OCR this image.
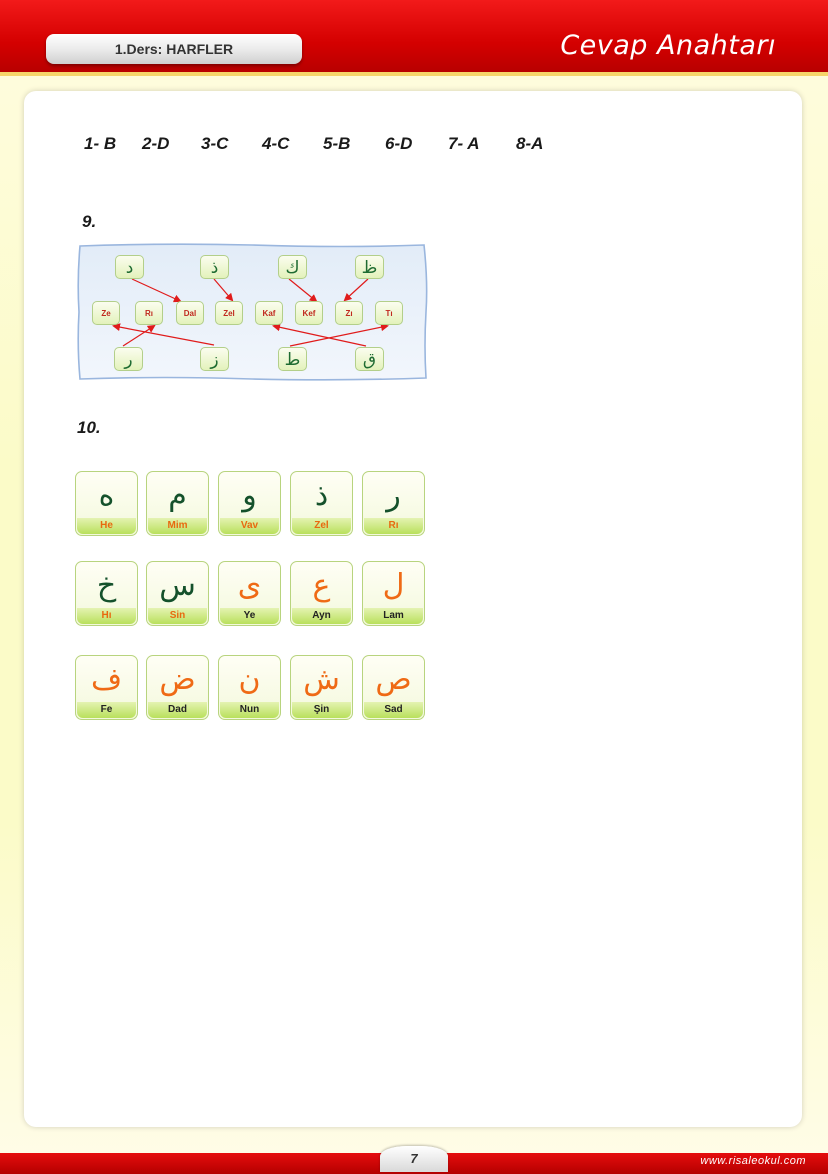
1.Ders: HARFLER	Cevap Anahtarı
1- B 2-D 3-C 4-C 5-B 6-D 7- A 8-A
9.
د	ذ	ك	ظ
Ze	Rı	Dal	Zel	Kaf	Kef	Zı	Tı
ر	ز	ط	ق
10.
ه
He
م
Mim
و
Vav
ذ
Zel
ر
Rı
خ
Hı
س
Sin
ى
Ye
ع
Ayn
ل
Lam
ف
Fe
ض
Dad
ن
Nun
ش
Şin
ص
Sad
7	www.risaleokul.com
